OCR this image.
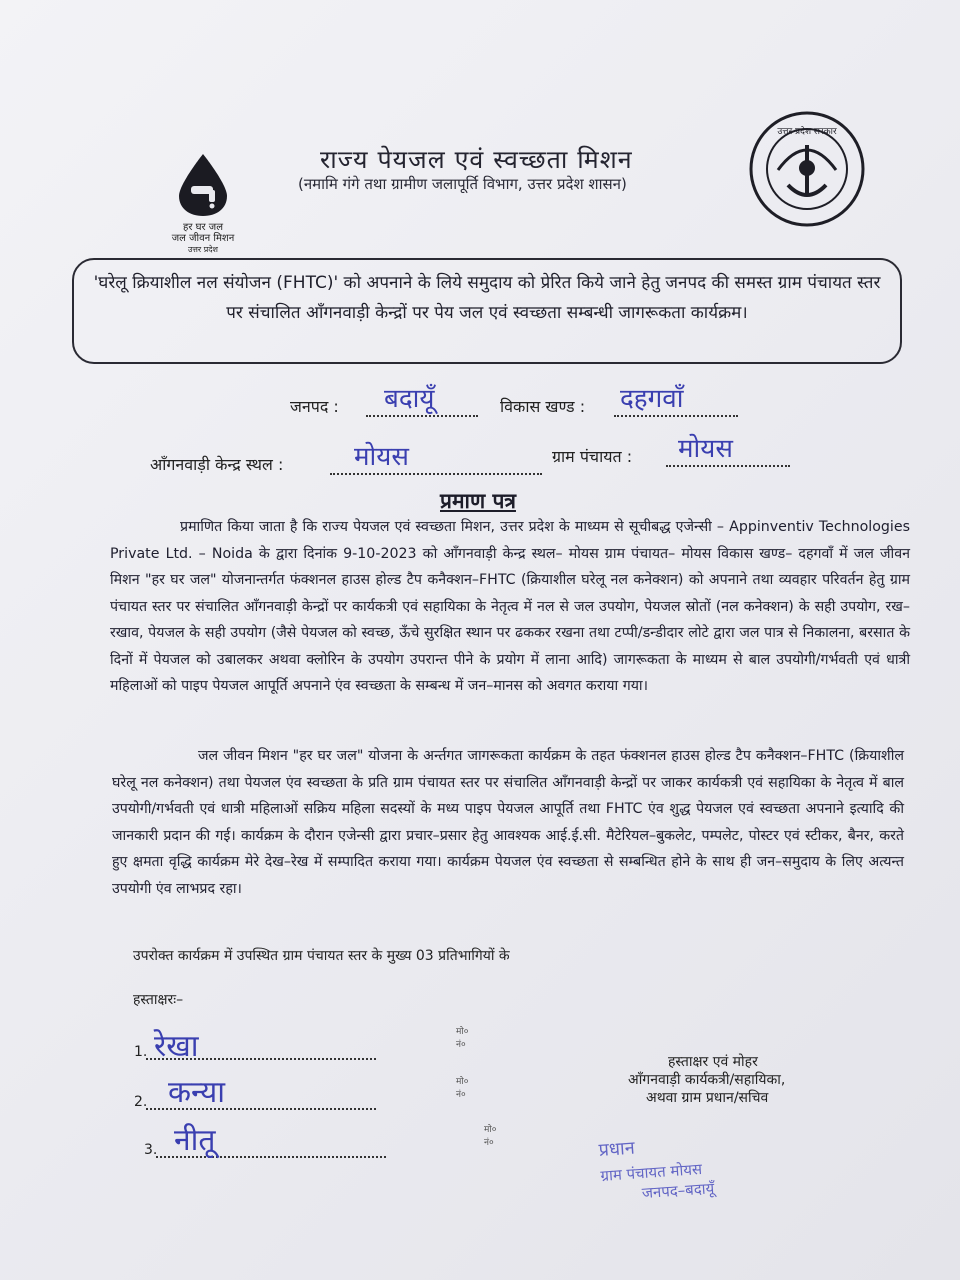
हर घर जल
जल जीवन मिशन
उत्तर प्रदेश
राज्य पेयजल एवं स्वच्छता मिशन
(नमामि गंगे तथा ग्रामीण जलापूर्ति विभाग, उत्तर प्रदेश शासन)
उत्तर प्रदेश सरकार
'घरेलू क्रियाशील नल संयोजन (FHTC)' को अपनाने के लिये समुदाय को प्रेरित किये जाने हेतु जनपद की समस्त ग्राम पंचायत स्तर पर संचालित आँगनवाड़ी केन्द्रों पर पेय जल एवं स्वच्छता सम्बन्धी जागरूकता कार्यक्रम।
जनपद : बदायूँ	विकास खण्ड : दहगवाँ
आँगनवाड़ी केन्द्र स्थल :	मोयस	ग्राम पंचायत : मोयस
प्रमाण पत्र
प्रमाणित किया जाता है कि राज्य पेयजल एवं स्वच्छता मिशन, उत्तर प्रदेश के माध्यम से सूचीबद्ध एजेन्सी – Appinventiv Technologies Private Ltd. – Noida के द्वारा दिनांक 9-10-2023 को आँगनवाड़ी केन्द्र स्थल– मोयस ग्राम पंचायत– मोयस विकास खण्ड– दहगवाँ में जल जीवन मिशन "हर घर जल" योजनान्तर्गत फंक्शनल हाउस होल्ड टैप कनैक्शन–FHTC (क्रियाशील घरेलू नल कनेक्शन) को अपनाने तथा व्यवहार परिवर्तन हेतु ग्राम पंचायत स्तर पर संचालित आँगनवाड़ी केन्द्रों पर कार्यकत्री एवं सहायिका के नेतृत्व में नल से जल उपयोग, पेयजल स्रोतों (नल कनेक्शन) के सही उपयोग, रख–रखाव, पेयजल के सही उपयोग (जैसे पेयजल को स्वच्छ, ऊँचे सुरक्षित स्थान पर ढककर रखना तथा टप्पी/डन्डीदार लोटे द्वारा जल पात्र से निकालना, बरसात के दिनों में पेयजल को उबालकर अथवा क्लोरिन के उपयोग उपरान्त पीने के प्रयोग में लाना आदि) जागरूकता के माध्यम से बाल उपयोगी/गर्भवती एवं धात्री महिलाओं को पाइप पेयजल आपूर्ति अपनाने एंव स्वच्छता के सम्बन्ध में जन–मानस को अवगत कराया गया।
जल जीवन मिशन "हर घर जल" योजना के अर्न्तगत जागरूकता कार्यक्रम के तहत फंक्शनल हाउस होल्ड टैप कनैक्शन–FHTC (क्रियाशील घरेलू नल कनेक्शन) तथा पेयजल एंव स्वच्छता के प्रति ग्राम पंचायत स्तर पर संचालित आँगनवाड़ी केन्द्रों पर जाकर कार्यकत्री एवं सहायिका के नेतृत्व में बाल उपयोगी/गर्भवती एवं धात्री महिलाओं सक्रिय महिला सदस्यों के मध्य पाइप पेयजल आपूर्ति तथा FHTC एंव शुद्ध पेयजल एवं स्वच्छता अपनाने इत्यादि की जानकारी प्रदान की गई। कार्यक्रम के दौरान एजेन्सी द्वारा प्रचार–प्रसार हेतु आवश्यक आई.ई.सी. मैटेरियल–बुकलेट, पम्पलेट, पोस्टर एवं स्टीकर, बैनर, करते हुए क्षमता वृद्धि कार्यक्रम मेरे देख–रेख में सम्पादित कराया गया। कार्यक्रम पेयजल एंव स्वच्छता से सम्बन्धित होने के साथ ही जन–समुदाय के लिए अत्यन्त उपयोगी एंव लाभप्रद रहा।
उपरोक्त कार्यक्रम में उपस्थित ग्राम पंचायत स्तर के मुख्य 03 प्रतिभागियों के
हस्ताक्षरः–
1. रेखा	मो० नं०
2. कन्या	मो० नं०
3. नीतू	मो० नं०
हस्ताक्षर एवं मोहर
आँगनवाड़ी कार्यकत्री/सहायिका,
अथवा ग्राम प्रधान/सचिव
प्रधान
ग्राम पंचायत मोयस
जनपद–बदायूँ
